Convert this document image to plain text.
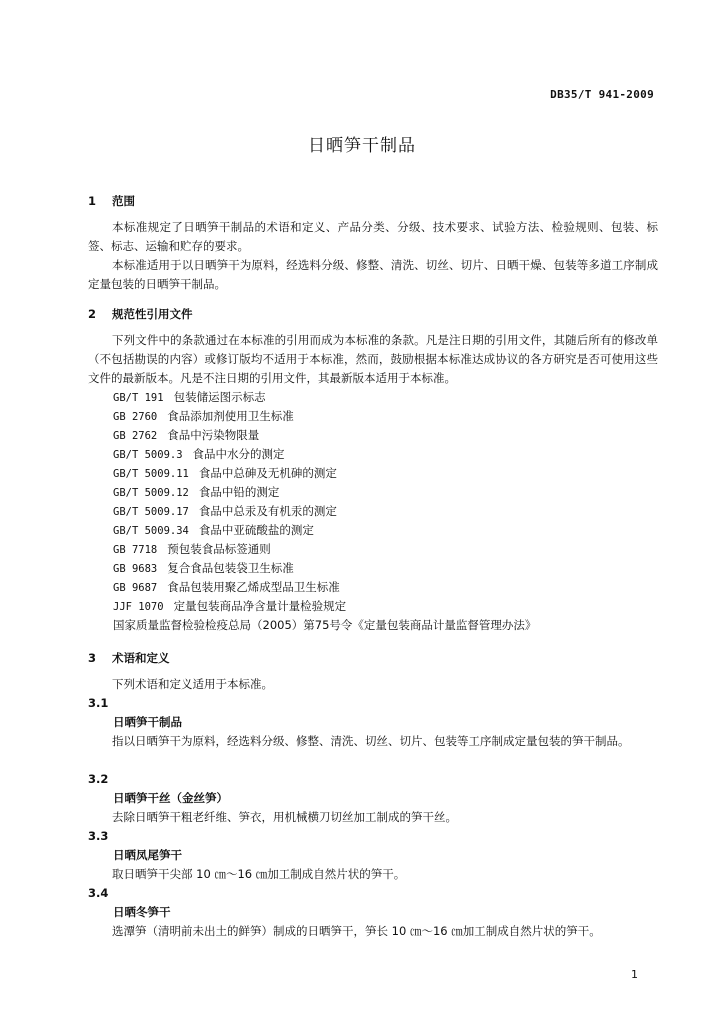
DB35/T 941-2009
日晒笋干制品
1 范围
本标准规定了日晒笋干制品的术语和定义、产品分类、分级、技术要求、试验方法、检验规则、包装、标签、标志、运输和贮存的要求。
本标准适用于以日晒笋干为原料，经选料分级、修整、清洗、切丝、切片、日晒干燥、包装等多道工序制成定量包装的日晒笋干制品。
2 规范性引用文件
下列文件中的条款通过在本标准的引用而成为本标准的条款。凡是注日期的引用文件，其随后所有的修改单（不包括勘误的内容）或修订版均不适用于本标准，然而，鼓励根据本标准达成协议的各方研究是否可使用这些文件的最新版本。凡是不注日期的引用文件，其最新版本适用于本标准。
GB/T 191 包装储运图示标志
GB 2760 食品添加剂使用卫生标准
GB 2762 食品中污染物限量
GB/T 5009.3 食品中水分的测定
GB/T 5009.11 食品中总砷及无机砷的测定
GB/T 5009.12 食品中铅的测定
GB/T 5009.17 食品中总汞及有机汞的测定
GB/T 5009.34 食品中亚硫酸盐的测定
GB 7718 预包装食品标签通则
GB 9683 复合食品包装袋卫生标准
GB 9687 食品包装用聚乙烯成型品卫生标准
JJF 1070 定量包装商品净含量计量检验规定
国家质量监督检验检疫总局（2005）第75号令《定量包装商品计量监督管理办法》
3 术语和定义
下列术语和定义适用于本标准。
3.1
日晒笋干制品
指以日晒笋干为原料，经选料分级、修整、清洗、切丝、切片、包装等工序制成定量包装的笋干制品。
3.2
日晒笋干丝（金丝笋）
去除日晒笋干粗老纤维、笋衣，用机械横刀切丝加工制成的笋干丝。
3.3
日晒凤尾笋干
取日晒笋干尖部 10 ㎝～16 ㎝加工制成自然片状的笋干。
3.4
日晒冬笋干
选潭笋（清明前未出土的鲜笋）制成的日晒笋干，笋长 10 ㎝～16 ㎝加工制成自然片状的笋干。
1
